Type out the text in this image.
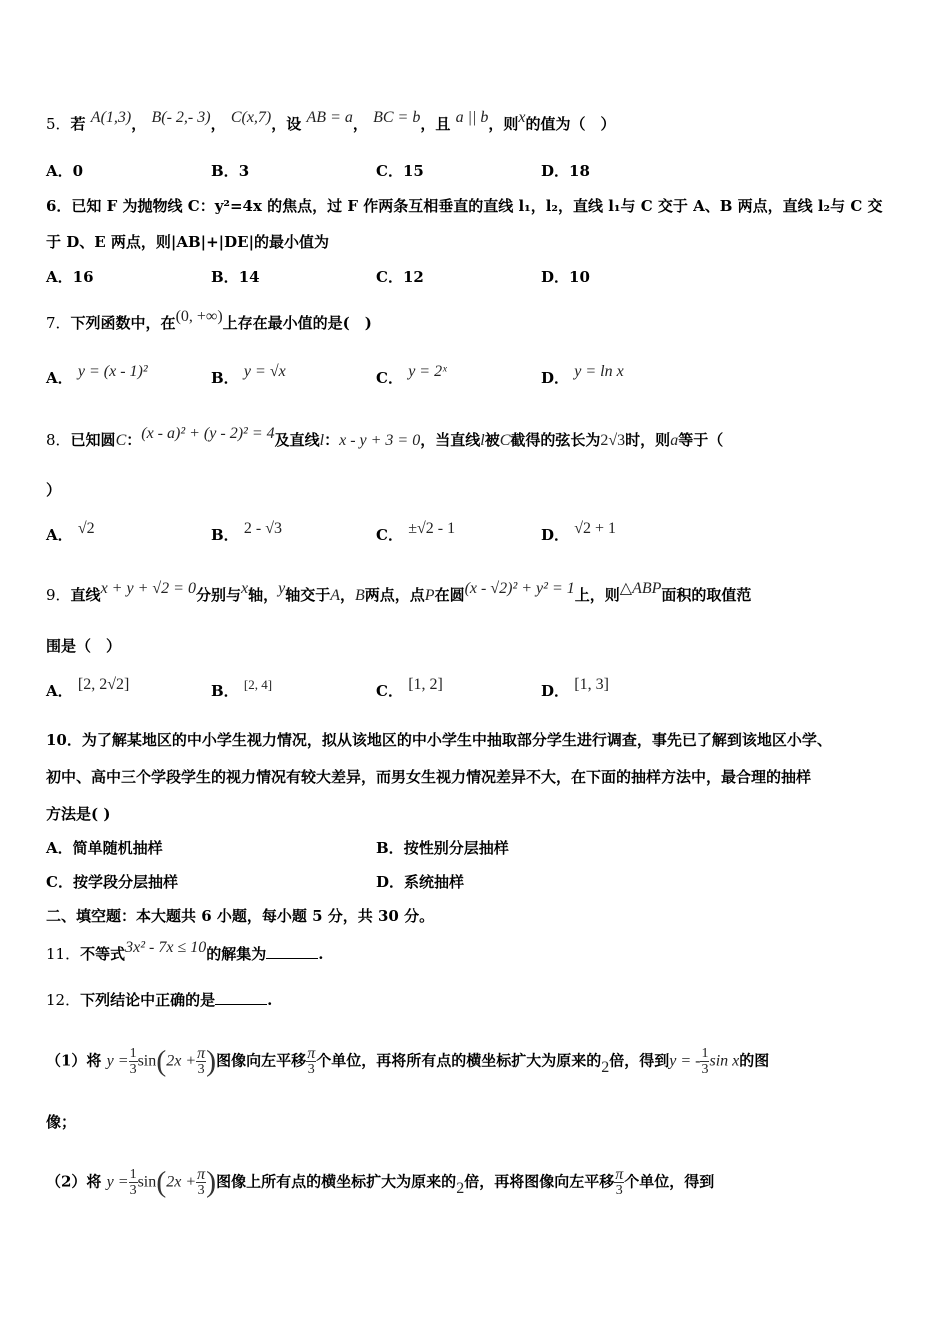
5．若 A(1,3)， B(- 2,- 3)， C(x,7)，设 AB = a， BC = b，且 a || b，则x的值为（　）
A．0	B．3	C．15	D．18
6．已知 F 为抛物线 C：y²=4x 的焦点，过 F 作两条互相垂直的直线 l₁，l₂，直线 l₁与 C 交于 A、B 两点，直线 l₂与 C 交
于 D、E 两点，则|AB|+|DE|的最小值为
A．16	B．14	C．12	D．10
7．下列函数中，在(0, +∞)上存在最小值的是(　)
A． y = (x - 1)²	B． y = √x	C． y = 2ˣ	D． y = ln x
8．已知圆C：(x - a)² + (y - 2)² = 4及直线l：x - y + 3 = 0，当直线l被C截得的弦长为2√3时，则a等于（
）
A． √2	B． 2 - √3	C． ±√2 - 1	D． √2 + 1
9．直线x + y + √2 = 0分别与x轴，y轴交于A，B两点，点P在圆(x - √2)² + y² = 1上，则△ABP面积的取值范
围是（　）
A． [2, 2√2]	B． [2, 4]	C． [1, 2]	D． [1, 3]
10．为了解某地区的中小学生视力情况，拟从该地区的中小学生中抽取部分学生进行调查，事先已了解到该地区小学、
初中、高中三个学段学生的视力情况有较大差异，而男女生视力情况差异不大，在下面的抽样方法中，最合理的抽样
方法是( )
A．简单随机抽样	B．按性别分层抽样
C．按学段分层抽样	D．系统抽样
二、填空题：本大题共 6 小题，每小题 5 分，共 30 分。
11．不等式3x² - 7x ≤ 10的解集为	.
12．下列结论中正确的是	.
（1）将 $y = \frac{1}{3} \sin(2x + \frac{\pi}{3}$ )图像向左平移 $\frac{\pi}{3}$ 个单位，再将所有点的横坐标扩大为原来的2倍，得到y = - $\frac{1}{3}$ sin x的图
像；
（2）将 $y = \frac{1}{3} \sin(2x + \frac{\pi}{3}$ )图像上所有点的横坐标扩大为原来的2倍，再将图像向左平移 $\frac{\pi}{3}$ 个单位，得到
